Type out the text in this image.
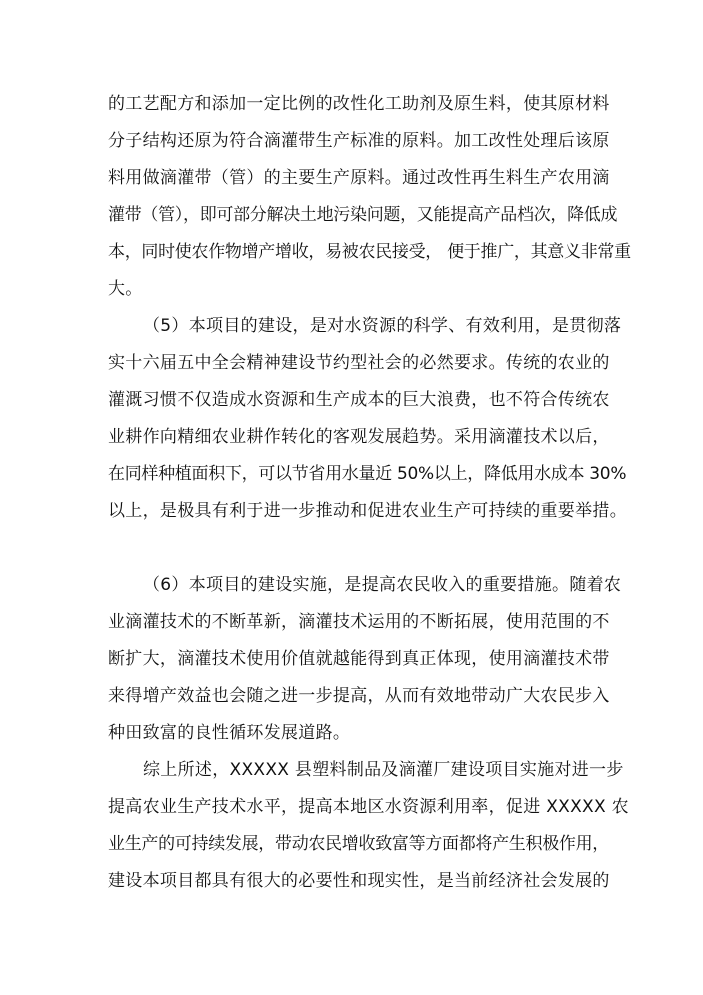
的工艺配方和添加一定比例的改性化工助剂及原生料，使其原材料
分子结构还原为符合滴灌带生产标准的原料。加工改性处理后该原
料用做滴灌带（管）的主要生产原料。通过改性再生料生产农用滴
灌带（管），即可部分解决土地污染问题，又能提高产品档次，降低成
本，同时使农作物增产增收，易被农民接受， 便于推广，其意义非常重
大。
（5）本项目的建设，是对水资源的科学、有效利用，是贯彻落
实十六届五中全会精神建设节约型社会的必然要求。传统的农业的
灌溉习惯不仅造成水资源和生产成本的巨大浪费，也不符合传统农
业耕作向精细农业耕作转化的客观发展趋势。采用滴灌技术以后，
在同样种植面积下，可以节省用水量近 50%以上，降低用水成本 30%
以上，是极具有利于进一步推动和促进农业生产可持续的重要举措。
（6）本项目的建设实施，是提高农民收入的重要措施。随着农
业滴灌技术的不断革新，滴灌技术运用的不断拓展，使用范围的不
断扩大，滴灌技术使用价值就越能得到真正体现，使用滴灌技术带
来得增产效益也会随之进一步提高，从而有效地带动广大农民步入
种田致富的良性循环发展道路。
综上所述，XXXXX 县塑料制品及滴灌厂建设项目实施对进一步
提高农业生产技术水平，提高本地区水资源利用率，促进 XXXXX 农
业生产的可持续发展，带动农民增收致富等方面都将产生积极作用，
建设本项目都具有很大的必要性和现实性，是当前经济社会发展的
